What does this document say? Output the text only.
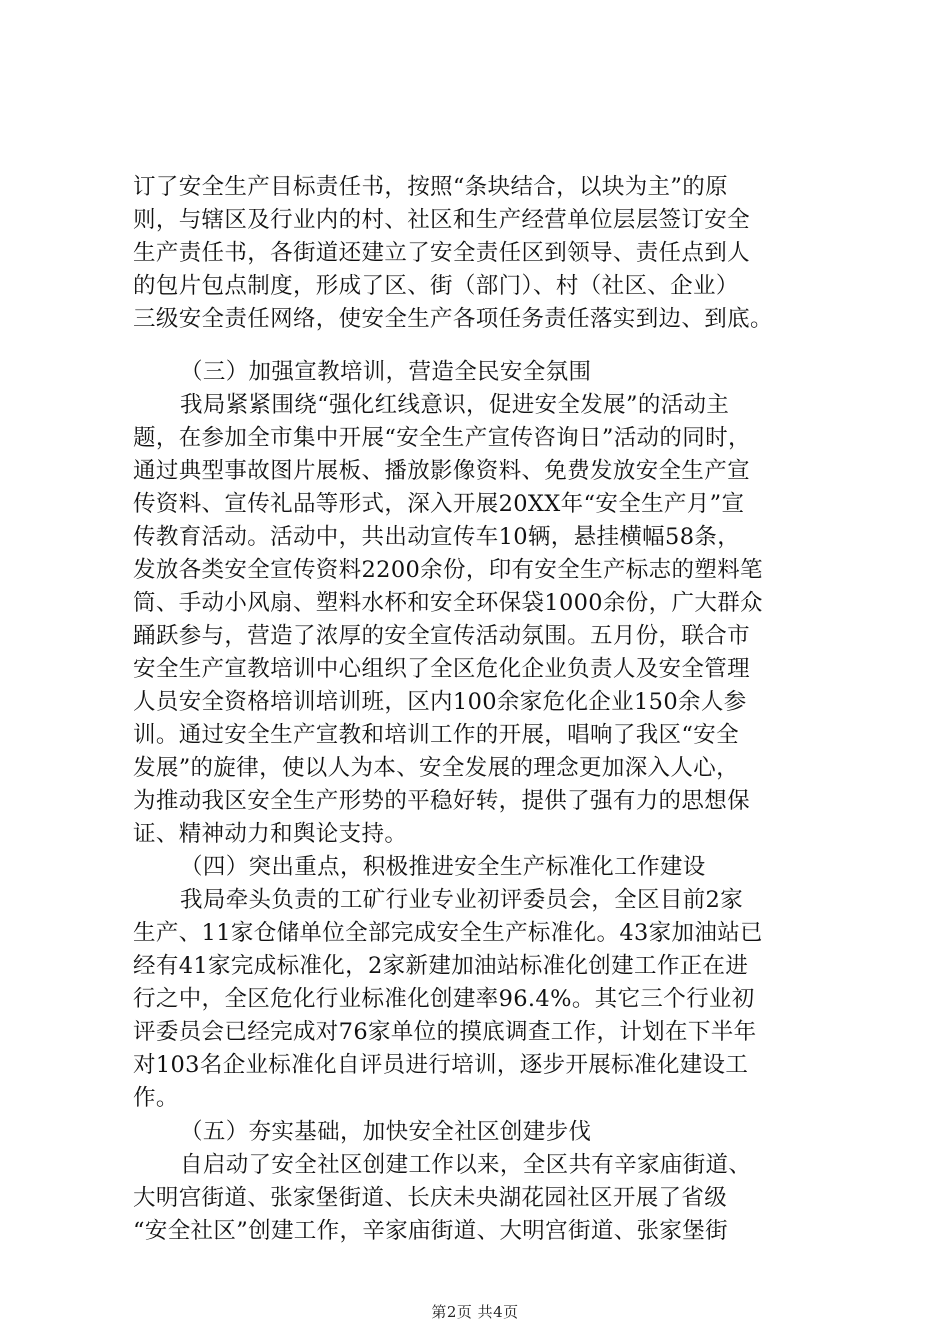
订了安全生产目标责任书，按照“条块结合，以块为主”的原
则，与辖区及行业内的村、社区和生产经营单位层层签订安全
生产责任书，各街道还建立了安全责任区到领导、责任点到人
的包片包点制度，形成了区、街（部门）、村（社区、企业）
三级安全责任网络，使安全生产各项任务责任落实到边、到底。
（三）加强宣教培训，营造全民安全氛围
我局紧紧围绕“强化红线意识，促进安全发展”的活动主
题，在参加全市集中开展“安全生产宣传咨询日”活动的同时，
通过典型事故图片展板、播放影像资料、免费发放安全生产宣
传资料、宣传礼品等形式，深入开展20XX年“安全生产月”宣
传教育活动。活动中，共出动宣传车10辆，悬挂横幅58条，
发放各类安全宣传资料2200余份，印有安全生产标志的塑料笔
筒、手动小风扇、塑料水杯和安全环保袋1000余份，广大群众
踊跃参与，营造了浓厚的安全宣传活动氛围。五月份，联合市
安全生产宣教培训中心组织了全区危化企业负责人及安全管理
人员安全资格培训培训班，区内100余家危化企业150余人参
训。通过安全生产宣教和培训工作的开展，唱响了我区“安全
发展”的旋律，使以人为本、安全发展的理念更加深入人心，
为推动我区安全生产形势的平稳好转，提供了强有力的思想保
证、精神动力和舆论支持。
（四）突出重点，积极推进安全生产标准化工作建设
我局牵头负责的工矿行业专业初评委员会，全区目前2家
生产、11家仓储单位全部完成安全生产标准化。43家加油站已
经有41家完成标准化，2家新建加油站标准化创建工作正在进
行之中，全区危化行业标准化创建率96.4%。其它三个行业初
评委员会已经完成对76家单位的摸底调查工作，计划在下半年
对103名企业标准化自评员进行培训，逐步开展标准化建设工
作。
（五）夯实基础，加快安全社区创建步伐
自启动了安全社区创建工作以来，全区共有辛家庙街道、
大明宫街道、张家堡街道、长庆未央湖花园社区开展了省级
“安全社区”创建工作，辛家庙街道、大明宫街道、张家堡街
第2页 共4页
